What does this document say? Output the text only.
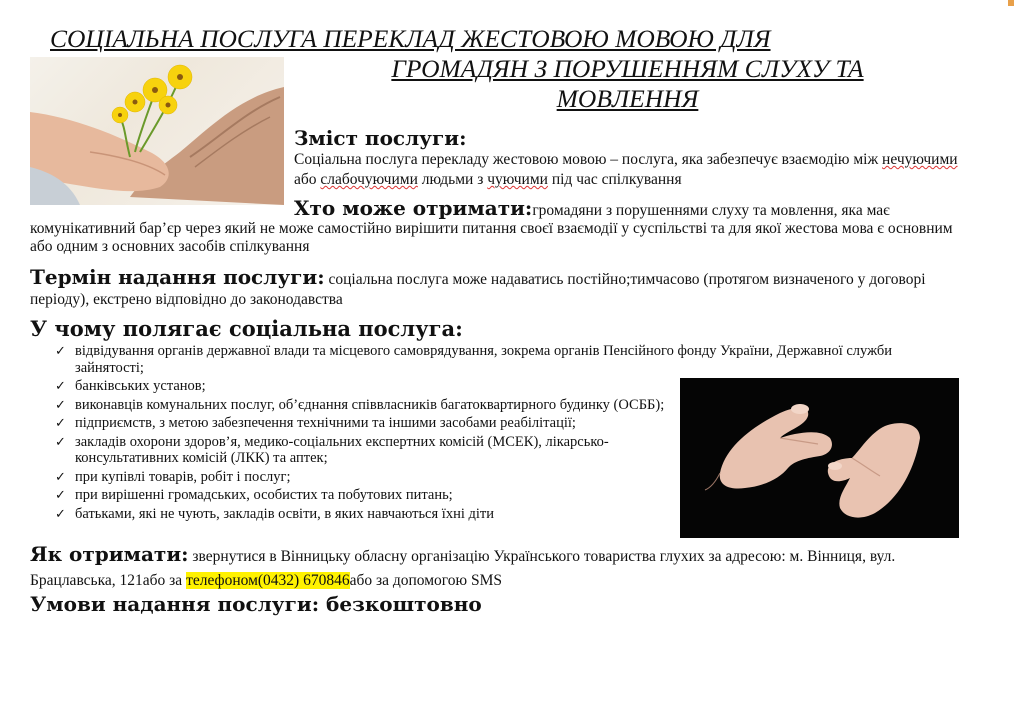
СОЦІАЛЬНА ПОСЛУГА ПЕРЕКЛАД ЖЕСТОВОЮ МОВОЮ ДЛЯ
ГРОМАДЯН З ПОРУШЕННЯМ СЛУХУ ТА
МОВЛЕННЯ
Зміст послуги:
Соціальна послуга перекладу жестовою мовою – послуга, яка забезпечує взаємодію між нечуючими або слабочуючими людьми з чуючими під час спілкування
Хто може отримати:громадяни з порушеннями слуху та мовлення, яка має комунікативний бар’єр через який не може самостійно вирішити питання своєї взаємодії у суспільстві та для якої жестова мова є основним або одним з основних засобів спілкування
Термін надання послуги: соціальна послуга може надаватись постійно;тимчасово (протягом визначеного у договорі періоду), екстрено відповідно до законодавства
У чому полягає соціальна послуга:
✓ відвідування органів державної влади та місцевого самоврядування, зокрема органів Пенсійного фонду України, Державної служби зайнятості;
✓ банківських установ;
✓ виконавців комунальних послуг, об’єднання співвласників багатоквартирного будинку (ОСББ);
✓ підприємств, з метою забезпечення технічними та іншими засобами реабілітації;
✓ закладів охорони здоров’я, медико-соціальних експертних комісій (МСЕК), лікарсько-консультативних комісій (ЛКК) та аптек;
✓ при купівлі товарів, робіт і послуг;
✓ при вирішенні громадських, особистих та побутових питань;
✓ батьками, які не чують, закладів освіти, в яких навчаються їхні діти
Як отримати: звернутися в Вінницьку обласну організацію Українського товариства глухих за адресою: м. Вінниця, вул. Брацлавська, 121або за телефоном(0432) 670846або за допомогою SMS
Умови надання послуги: безкоштовно
